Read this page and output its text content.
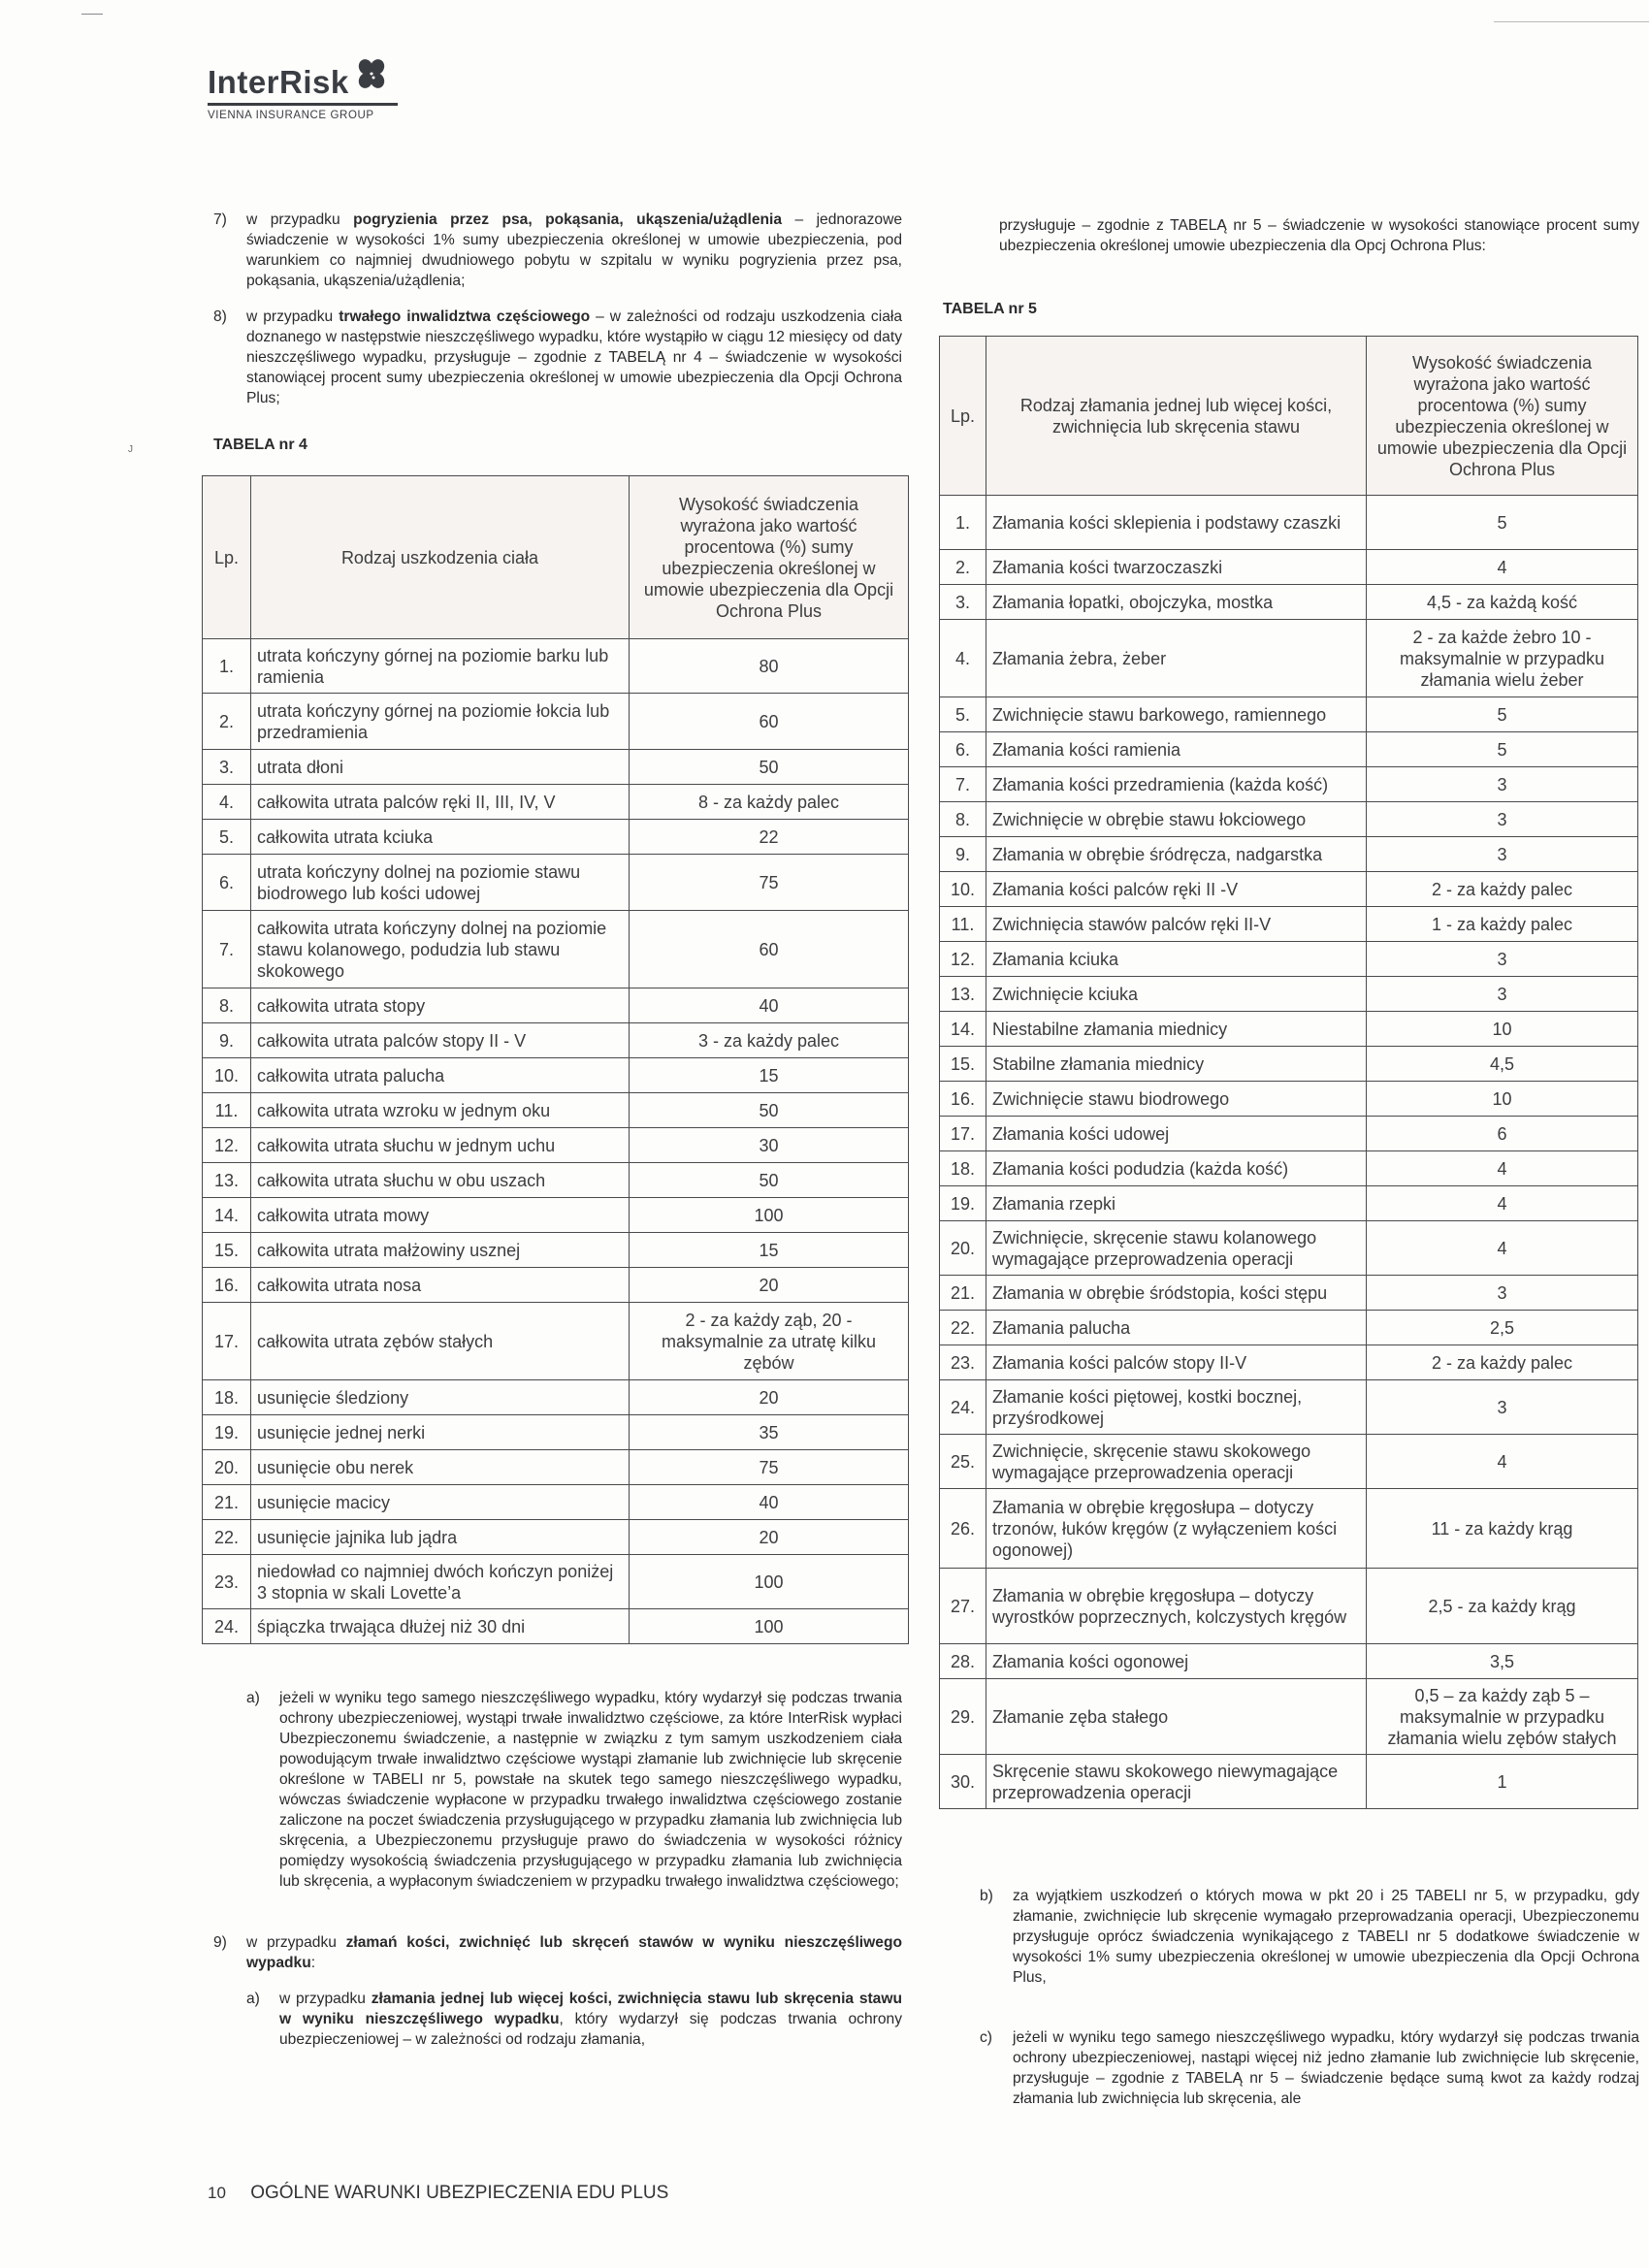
InterRisk
VIENNA INSURANCE GROUP
7)	w przypadku pogryzienia przez psa, pokąsania, ukąszenia/użądlenia – jednorazowe świadczenie w wysokości 1% sumy ubezpieczenia określonej w umowie ubezpieczenia, pod warunkiem co najmniej dwudniowego pobytu w szpitalu w wyniku pogryzienia przez psa, pokąsania, ukąszenia/użądlenia;
8)	w przypadku trwałego inwalidztwa częściowego – w zależności od rodzaju uszkodzenia ciała doznanego w następstwie nieszczęśliwego wypadku, które wystąpiło w ciągu 12 miesięcy od daty nieszczęśliwego wypadku, przysługuje – zgodnie z TABELĄ nr 4 – świadczenie w wysokości stanowiącej procent sumy ubezpieczenia określonej w umowie ubezpieczenia dla Opcji Ochrona Plus;
J	TABELA nr 4
Lp.	Rodzaj uszkodzenia ciała	Wysokość świadczenia wyrażona jako wartość procentowa (%) sumy ubezpieczenia określonej w umowie ubezpieczenia dla Opcji Ochrona Plus
1.	utrata kończyny górnej na poziomie barku lub ramienia	80
2.	utrata kończyny górnej na poziomie łokcia lub przedramienia	60
3.	utrata dłoni	50
4.	całkowita utrata palców ręki II, III, IV, V	8 - za każdy palec
5.	całkowita utrata kciuka	22
6.	utrata kończyny dolnej na poziomie stawu biodrowego lub kości udowej	75
7.	całkowita utrata kończyny dolnej na poziomie stawu kolanowego, podudzia lub stawu skokowego	60
8.	całkowita utrata stopy	40
9.	całkowita utrata palców stopy II - V	3 - za każdy palec
10.	całkowita utrata palucha	15
11.	całkowita utrata wzroku w jednym oku	50
12.	całkowita utrata słuchu w jednym uchu	30
13.	całkowita utrata słuchu w obu uszach	50
14.	całkowita utrata mowy	100
15.	całkowita utrata małżowiny usznej	15
16.	całkowita utrata nosa	20
17.	całkowita utrata zębów stałych	2 - za każdy ząb, 20 - maksymalnie za utratę kilku zębów
18.	usunięcie śledziony	20
19.	usunięcie jednej nerki	35
20.	usunięcie obu nerek	75
21.	usunięcie macicy	40
22.	usunięcie jajnika lub jądra	20
23.	niedowład co najmniej dwóch kończyn poniżej 3 stopnia w skali Lovette’a	100
24.	śpiączka trwająca dłużej niż 30 dni	100
a)	jeżeli w wyniku tego samego nieszczęśliwego wypadku, który wydarzył się podczas trwania ochrony ubezpieczeniowej, wystąpi trwałe inwalidztwo częściowe, za które InterRisk wypłaci Ubezpieczonemu świadczenie, a następnie w związku z tym samym uszkodzeniem ciała powodującym trwałe inwalidztwo częściowe wystąpi złamanie lub zwichnięcie lub skręcenie określone w TABELI nr 5, powstałe na skutek tego samego nieszczęśliwego wypadku, wówczas świadczenie wypłacone w przypadku trwałego inwalidztwa częściowego zostanie zaliczone na poczet świadczenia przysługującego w przypadku złamania lub zwichnięcia lub skręcenia, a Ubezpieczonemu przysługuje prawo do świadczenia w wysokości różnicy pomiędzy wysokością świadczenia przysługującego w przypadku złamania lub zwichnięcia lub skręcenia, a wypłaconym świadczeniem w przypadku trwałego inwalidztwa częściowego;
9)	w przypadku złamań kości, zwichnięć lub skręceń stawów w wyniku nieszczęśliwego wypadku:
a)	w przypadku złamania jednej lub więcej kości, zwichnięcia stawu lub skręcenia stawu w wyniku nieszczęśliwego wypadku, który wydarzył się podczas trwania ochrony ubezpieczeniowej – w zależności od rodzaju złamania,
przysługuje – zgodnie z TABELĄ nr 5 – świadczenie w wysokości stanowiące procent sumy ubezpieczenia określonej umowie ubezpieczenia dla Opcj Ochrona Plus:
TABELA nr 5
Lp.	Rodzaj złamania jednej lub więcej kości, zwichnięcia lub skręcenia stawu	Wysokość świadczenia wyrażona jako wartość procentowa (%) sumy ubezpieczenia określonej w umowie ubezpieczenia dla Opcji Ochrona Plus
1.	Złamania kości sklepienia i podstawy czaszki	5
2.	Złamania kości twarzoczaszki	4
3.	Złamania łopatki, obojczyka, mostka	4,5 - za każdą kość
4.	Złamania żebra, żeber	2 - za każde żebro 10 - maksymalnie w przypadku złamania wielu żeber
5.	Zwichnięcie stawu barkowego, ramiennego	5
6.	Złamania kości ramienia	5
7.	Złamania kości przedramienia (każda kość)	3
8.	Zwichnięcie w obrębie stawu łokciowego	3
9.	Złamania w obrębie śródręcza, nadgarstka	3
10.	Złamania kości palców ręki II -V	2 - za każdy palec
11.	Zwichnięcia stawów palców ręki II-V	1 - za każdy palec
12.	Złamania kciuka	3
13.	Zwichnięcie kciuka	3
14.	Niestabilne złamania miednicy	10
15.	Stabilne złamania miednicy	4,5
16.	Zwichnięcie stawu biodrowego	10
17.	Złamania kości udowej	6
18.	Złamania kości podudzia (każda kość)	4
19.	Złamania rzepki	4
20.	Zwichnięcie, skręcenie stawu kolanowego wymagające przeprowadzenia operacji	4
21.	Złamania w obrębie śródstopia, kości stępu	3
22.	Złamania palucha	2,5
23.	Złamania kości palców stopy II-V	2 - za każdy palec
24.	Złamanie kości piętowej, kostki bocznej, przyśrodkowej	3
25.	Zwichnięcie, skręcenie stawu skokowego wymagające przeprowadzenia operacji	4
26.	Złamania w obrębie kręgosłupa – dotyczy trzonów, łuków kręgów (z wyłączeniem kości ogonowej)	11 - za każdy krąg
27.	Złamania w obrębie kręgosłupa – dotyczy wyrostków poprzecznych, kolczystych kręgów	2,5 - za każdy krąg
28.	Złamania kości ogonowej	3,5
29.	Złamanie zęba stałego	0,5 – za każdy ząb 5 – maksymalnie w przypadku złamania wielu zębów stałych
30.	Skręcenie stawu skokowego niewymagające przeprowadzenia operacji	1
b)	za wyjątkiem uszkodzeń o których mowa w pkt 20 i 25 TABELI nr 5, w przypadku, gdy złamanie, zwichnięcie lub skręcenie wymagało przeprowadzania operacji, Ubezpieczonemu przysługuje oprócz świadczenia wynikającego z TABELI nr 5 dodatkowe świadczenie w wysokości 1% sumy ubezpieczenia określonej w umowie ubezpieczenia dla Opcji Ochrona Plus,
c)	jeżeli w wyniku tego samego nieszczęśliwego wypadku, który wydarzył się podczas trwania ochrony ubezpieczeniowej, nastąpi więcej niż jedno złamanie lub zwichnięcie lub skręcenie, przysługuje – zgodnie z TABELĄ nr 5 – świadczenie będące sumą kwot za każdy rodzaj złamania lub zwichnięcia lub skręcenia, ale
10 OGÓLNE WARUNKI UBEZPIECZENIA EDU PLUS
